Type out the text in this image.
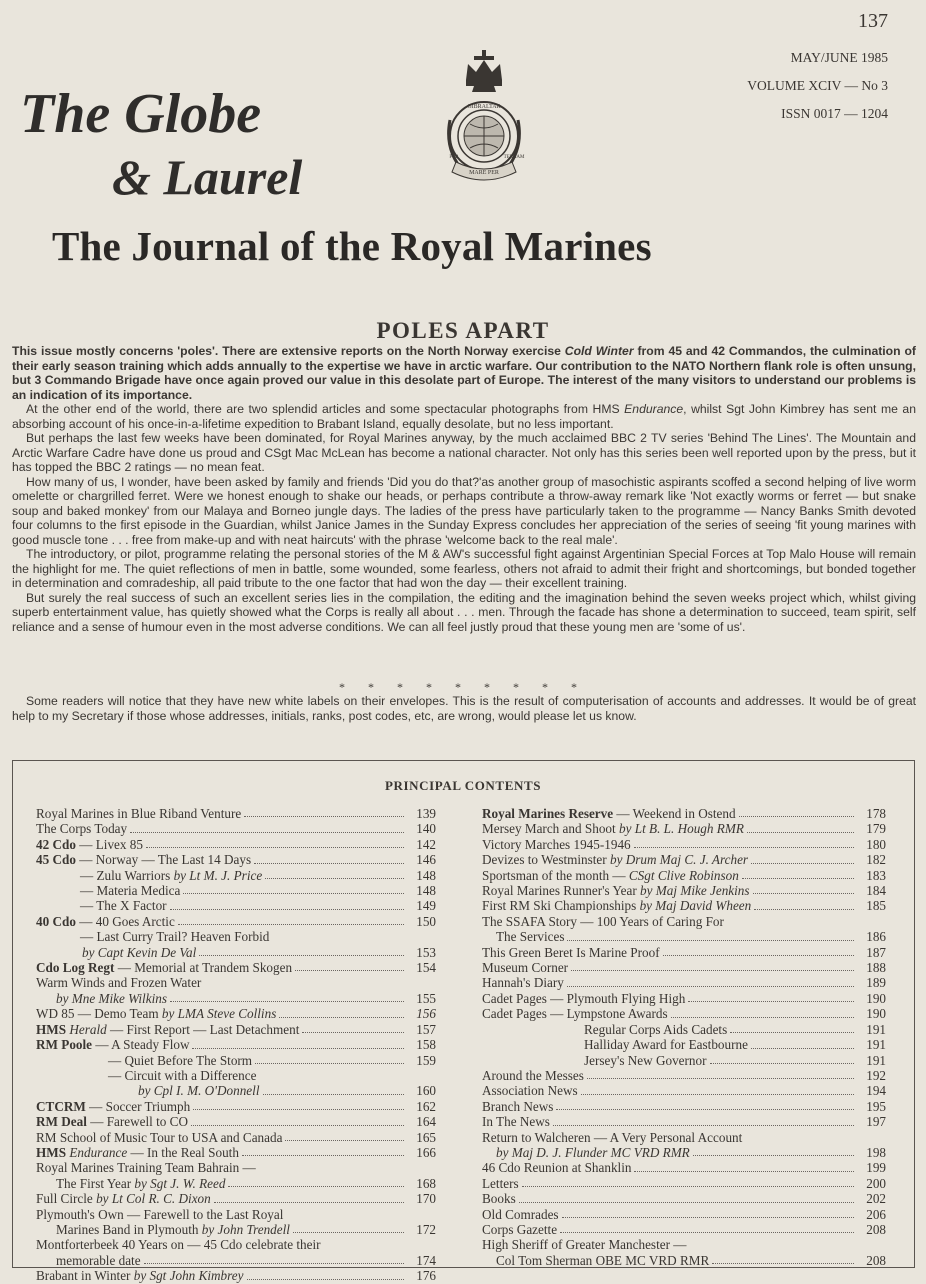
137
MAY/JUNE 1985
VOLUME XCIV — No 3
ISSN 0017 — 1204
The Globe
& Laurel
GIBRALTAR
MARE PER
PER	TERRAM
The Journal of the Royal Marines
POLES APART

This issue mostly concerns 'poles'. There are extensive reports on the North Norway exercise Cold Winter from 45 and 42 Commandos, the culmination of their early season training which adds annually to the expertise we have in arctic warfare. Our contribution to the NATO Northern flank role is often unsung, but 3 Commando Brigade have once again proved our value in this desolate part of Europe. The interest of the many visitors to understand our problems is an indication of its importance.

At the other end of the world, there are two splendid articles and some spectacular photographs from HMS Endurance, whilst Sgt John Kimbrey has sent me an absorbing account of his once-in-a-lifetime expedition to Brabant Island, equally desolate, but no less important.

But perhaps the last few weeks have been dominated, for Royal Marines anyway, by the much acclaimed BBC 2 TV series 'Behind The Lines'. The Mountain and Arctic Warfare Cadre have done us proud and CSgt Mac McLean has become a national character. Not only has this series been well reported upon by the press, but it has topped the BBC 2 ratings — no mean feat.

How many of us, I wonder, have been asked by family and friends 'Did you do that?'as another group of masochistic aspirants scoffed a second helping of live worm omelette or chargrilled ferret. Were we honest enough to shake our heads, or perhaps contribute a throw-away remark like 'Not exactly worms or ferret — but snake soup and baked monkey' from our Malaya and Borneo jungle days. The ladies of the press have particularly taken to the programme — Nancy Banks Smith devoted four columns to the first episode in the Guardian, whilst Janice James in the Sunday Express concludes her appreciation of the series of seeing 'fit young marines with good muscle tone . . . free from make-up and with neat haircuts' with the phrase 'welcome back to the real male'.

The introductory, or pilot, programme relating the personal stories of the M & AW's successful fight against Argentinian Special Forces at Top Malo House will remain the highlight for me. The quiet reflections of men in battle, some wounded, some fearless, others not afraid to admit their fright and shortcomings, but bonded together in determination and comradeship, all paid tribute to the one factor that had won the day — their excellent training.

But surely the real success of such an excellent series lies in the compilation, the editing and the imagination behind the seven weeks project which, whilst giving superb entertainment value, has quietly showed what the Corps is really all about . . . men. Through the facade has shone a determination to succeed, team spirit, self reliance and a sense of humour even in the most adverse conditions. We can all feel justly proud that these young men are 'some of us'.

* * * * * * * * *

Some readers will notice that they have new white labels on their envelopes. This is the result of computerisation of accounts and addresses. It would be of great help to my Secretary if those whose addresses, initials, ranks, post codes, etc, are wrong, would please let us know.

PRINCIPAL CONTENTS
Royal Marines in Blue Riband Venture	139
The Corps Today	140
42 Cdo — Livex 85	142
45 Cdo — Norway — The Last 14 Days	146
— Zulu Warriors by Lt M. J. Price	148
— Materia Medica	148
— The X Factor	149
40 Cdo — 40 Goes Arctic	150
— Last Curry Trail? Heaven Forbid
by Capt Kevin De Val	153
Cdo Log Regt — Memorial at Trandem Skogen	154
Warm Winds and Frozen Water
by Mne Mike Wilkins	155
WD 85 — Demo Team by LMA Steve Collins	156
HMS Herald — First Report — Last Detachment	157
RM Poole — A Steady Flow	158
— Quiet Before The Storm	159
— Circuit with a Difference
by Cpl I. M. O'Donnell	160
CTCRM — Soccer Triumph	162
RM Deal — Farewell to CO	164
RM School of Music Tour to USA and Canada	165
HMS Endurance — In the Real South	166
Royal Marines Training Team Bahrain —
The First Year by Sgt J. W. Reed	168
Full Circle by Lt Col R. C. Dixon	170
Plymouth's Own — Farewell to the Last Royal
Marines Band in Plymouth by John Trendell	172
Montforterbeek 40 Years on — 45 Cdo celebrate their
memorable date	174
Brabant in Winter by Sgt John Kimbrey	176
Royal Marines Reserve — Weekend in Ostend	178
Mersey March and Shoot by Lt B. L. Hough RMR	179
Victory Marches 1945-1946	180
Devizes to Westminster by Drum Maj C. J. Archer	182
Sportsman of the month — CSgt Clive Robinson	183
Royal Marines Runner's Year by Maj Mike Jenkins	184
First RM Ski Championships by Maj David Wheen	185
The SSAFA Story — 100 Years of Caring For
The Services	186
This Green Beret Is Marine Proof	187
Museum Corner	188
Hannah's Diary	189
Cadet Pages — Plymouth Flying High	190
Cadet Pages — Lympstone Awards	190
Regular Corps Aids Cadets	191
Halliday Award for Eastbourne	191
Jersey's New Governor	191
Around the Messes	192
Association News	194
Branch News	195
In The News	197
Return to Walcheren — A Very Personal Account
by Maj D. J. Flunder MC VRD RMR	198
46 Cdo Reunion at Shanklin	199
Letters	200
Books	202
Old Comrades	206
Corps Gazette	208
High Sheriff of Greater Manchester —
Col Tom Sherman OBE MC VRD RMR	208
